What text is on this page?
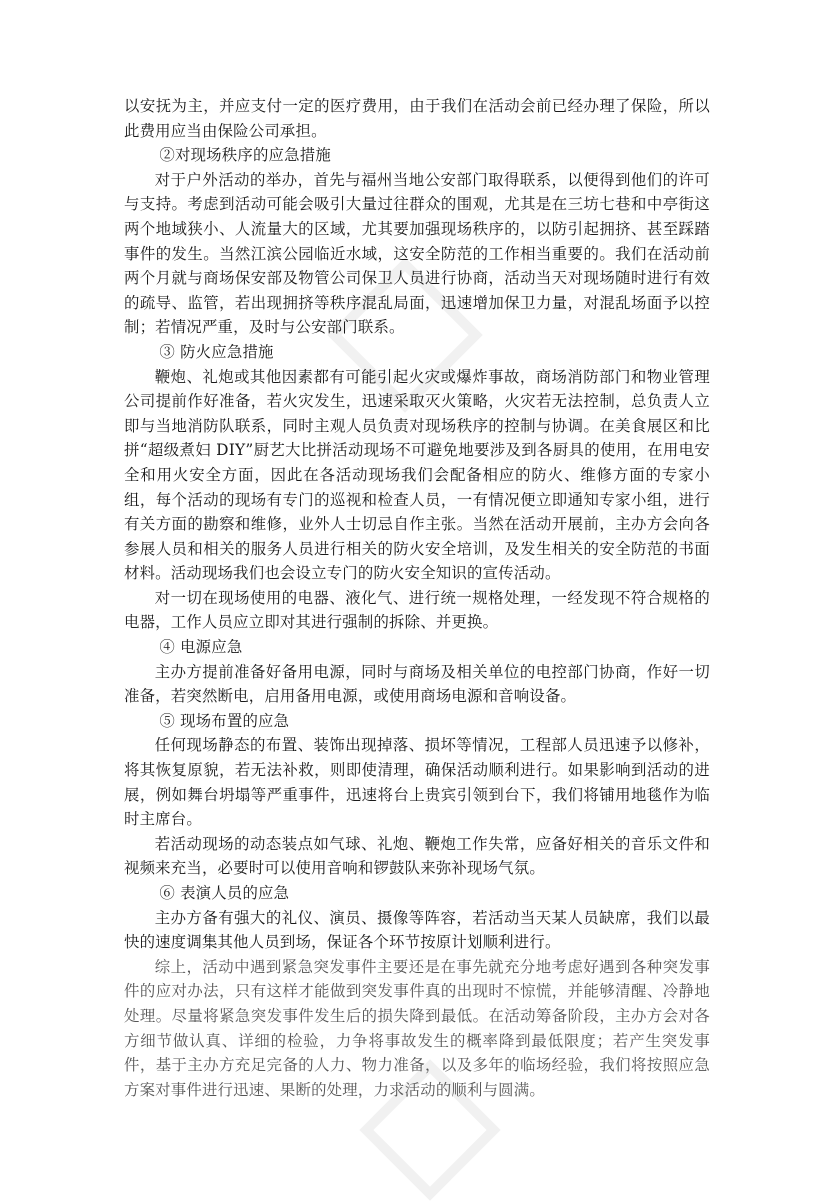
以安抚为主，并应支付一定的医疗费用，由于我们在活动会前已经办理了保险，所以此费用应当由保险公司承担。

②对现场秩序的应急措施

对于户外活动的举办，首先与福州当地公安部门取得联系，以便得到他们的许可与支持。考虑到活动可能会吸引大量过往群众的围观，尤其是在三坊七巷和中亭街这两个地域狭小、人流量大的区域，尤其要加强现场秩序的，以防引起拥挤、甚至踩踏事件的发生。当然江滨公园临近水域，这安全防范的工作相当重要的。我们在活动前两个月就与商场保安部及物管公司保卫人员进行协商，活动当天对现场随时进行有效的疏导、监管，若出现拥挤等秩序混乱局面，迅速增加保卫力量，对混乱场面予以控制；若情况严重，及时与公安部门联系。

③ 防火应急措施

鞭炮、礼炮或其他因素都有可能引起火灾或爆炸事故，商场消防部门和物业管理公司提前作好准备，若火灾发生，迅速采取灭火策略，火灾若无法控制，总负责人立即与当地消防队联系，同时主观人员负责对现场秩序的控制与协调。在美食展区和比拼“超级煮妇 DIY”厨艺大比拼活动现场不可避免地要涉及到各厨具的使用，在用电安全和用火安全方面，因此在各活动现场我们会配备相应的防火、维修方面的专家小组，每个活动的现场有专门的巡视和检查人员，一有情况便立即通知专家小组，进行有关方面的勘察和维修，业外人士切忌自作主张。当然在活动开展前，主办方会向各参展人员和相关的服务人员进行相关的防火安全培训，及发生相关的安全防范的书面材料。活动现场我们也会设立专门的防火安全知识的宣传活动。

对一切在现场使用的电器、液化气、进行统一规格处理，一经发现不符合规格的电器，工作人员应立即对其进行强制的拆除、并更换。

④ 电源应急

主办方提前准备好备用电源，同时与商场及相关单位的电控部门协商，作好一切准备，若突然断电，启用备用电源，或使用商场电源和音响设备。

⑤ 现场布置的应急

任何现场静态的布置、装饰出现掉落、损坏等情况，工程部人员迅速予以修补，将其恢复原貌，若无法补救，则即使清理，确保活动顺利进行。如果影响到活动的进展，例如舞台坍塌等严重事件，迅速将台上贵宾引领到台下，我们将铺用地毯作为临时主席台。

若活动现场的动态装点如气球、礼炮、鞭炮工作失常，应备好相关的音乐文件和视频来充当，必要时可以使用音响和锣鼓队来弥补现场气氛。

⑥ 表演人员的应急

主办方备有强大的礼仪、演员、摄像等阵容，若活动当天某人员缺席，我们以最快的速度调集其他人员到场，保证各个环节按原计划顺利进行。

综上，活动中遇到紧急突发事件主要还是在事先就充分地考虑好遇到各种突发事件的应对办法，只有这样才能做到突发事件真的出现时不惊慌，并能够清醒、冷静地处理。尽量将紧急突发事件发生后的损失降到最低。在活动筹备阶段，主办方会对各方细节做认真、详细的检验，力争将事故发生的概率降到最低限度；若产生突发事件，基于主办方充足完备的人力、物力准备，以及多年的临场经验，我们将按照应急方案对事件进行迅速、果断的处理，力求活动的顺利与圆满。
